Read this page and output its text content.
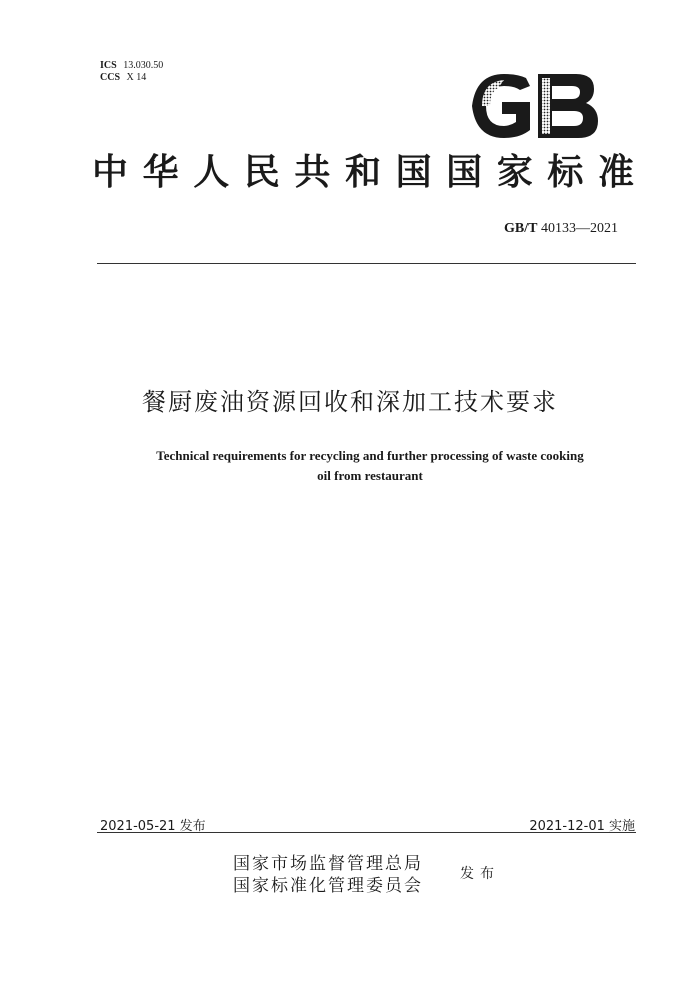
ICS 13.030.50
CCS X 14
中 华 人 民 共 和 国 国 家 标 准
GB/T 40133—2021
餐厨废油资源回收和深加工技术要求
Technical requirements for recycling and further processing of waste cooking
oil from restaurant
2021-05-21 发布	2021-12-01 实施
国家市场监督管理总局
国家标准化管理委员会
发布
